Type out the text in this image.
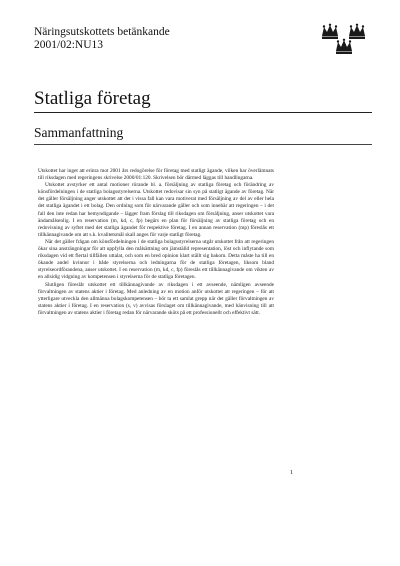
Näringsutskottets betänkande
2001/02:NU13
Statliga företag
Sammanfattning

Utskottet har inget att erinra mot 2001 års redogörelse för företag med statligt ägande, vilken har överlämnats till riksdagen med regeringens skrivelse 2000/01:120. Skrivelsen bör därmed läggas till handlingarna.

Utskottet avstyrker ett antal motioner rörande bl. a. försäljning av statliga företag och förändring av könsfördelningen i de statliga bolagsstyrelserna. Utskottet redovisar sin syn på statligt ägande av företag. När det gäller försäljning anger utskottet att det i vissa fall kan vara motiverat med försäljning av del av eller hela det statliga ägandet i ett bolag. Den ordning som för närvarande gäller och som innebär att regeringen – i det fall den inte redan har bemyndigande – lägger fram förslag till riksdagen om försäljning, anser utskottet vara ändamålsenlig. I en reservation (m, kd, c, fp) begärs en plan för försäljning av statliga företag och en redovisning av syftet med det statliga ägandet för respektive företag. I en annan reservation (mp) föreslås ett tillkännagivande om att s.k. kvalitetsmål skall anges för varje statligt företag.

När det gäller frågan om könsfördelningen i de statliga bolagsstyrelserna utgår utskottet från att regeringen ökar sina ansträngningar för att uppfylla den målsättning om jämställd representation, löst och inflytande som riksdagen vid ett flertal tillfällen uttalat, och som en bred opinion klart ställt sig bakom. Detta måste ha till en ökande andel kvinnor i både styrelserna och ledningarna för de statliga företagen, liksom bland styrelseordförandena, anser utskottet. I en reservation (m, kd, c, fp) föreslås ett tillkännagivande om vikten av en allsidig vidgning av kompetensen i styrelserna för de statliga företagen.

Slutligen föreslår utskottet ett tillkännagivande av riksdagen i ett avseende, nämligen avseende förvaltningen av statens aktier i företag. Med anledning av en motion anför utskottet att regeringen – för att ytterligare utveckla den allmänna bolagskompetensen – bör ta ett samlat grepp när det gäller förvaltningen av statens aktier i företag. I en reservation (s, v) avvisas förslaget om tillkännagivande, med hänvisning till att förvaltningen av statens aktier i företag redan för närvarande sköts på ett professionellt och effektivt sätt.

1
